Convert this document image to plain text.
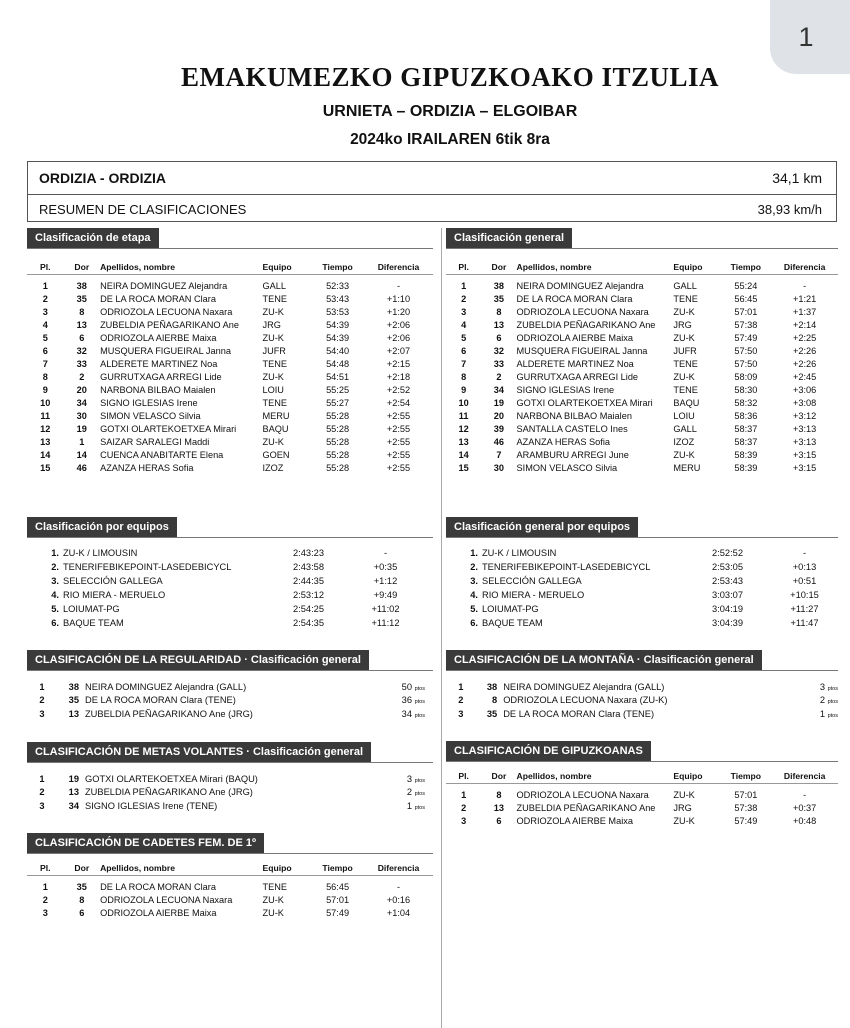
1
EMAKUMEZKO GIPUZKOAKO ITZULIA
URNIETA – ORDIZIA – ELGOIBAR
2024ko IRAILAREN 6tik 8ra
ORDIZIA - ORDIZIA	34,1 km
RESUMEN DE CLASIFICACIONES	38,93 km/h
Clasificación de etapa
Pl.	Dor	Apellidos, nombre	Equipo	Tiempo	Diferencia

1	38	NEIRA DOMINGUEZ Alejandra	GALL	52:33	-
2	35	DE LA ROCA MORAN Clara	TENE	53:43	+1:10
3	8	ODRIOZOLA LECUONA Naxara	ZU-K	53:53	+1:20
4	13	ZUBELDIA PEÑAGARIKANO Ane	JRG	54:39	+2:06
5	6	ODRIOZOLA AIERBE Maixa	ZU-K	54:39	+2:06
6	32	MUSQUERA FIGUEIRAL Janna	JUFR	54:40	+2:07
7	33	ALDERETE MARTINEZ Noa	TENE	54:48	+2:15
8	2	GURRUTXAGA ARREGI Lide	ZU-K	54:51	+2:18
9	20	NARBONA BILBAO Maialen	LOIU	55:25	+2:52
10	34	SIGNO IGLESIAS Irene	TENE	55:27	+2:54
11	30	SIMON VELASCO Silvia	MERU	55:28	+2:55
12	19	GOTXI OLARTEKOETXEA Mirari	BAQU	55:28	+2:55
13	1	SAIZAR SARALEGI Maddi	ZU-K	55:28	+2:55
14	14	CUENCA ANABITARTE Elena	GOEN	55:28	+2:55
15	46	AZANZA HERAS Sofia	IZOZ	55:28	+2:55
Clasificación general
Pl.	Dor	Apellidos, nombre	Equipo	Tiempo	Diferencia

1	38	NEIRA DOMINGUEZ Alejandra	GALL	55:24	-
2	35	DE LA ROCA MORAN Clara	TENE	56:45	+1:21
3	8	ODRIOZOLA LECUONA Naxara	ZU-K	57:01	+1:37
4	13	ZUBELDIA PEÑAGARIKANO Ane	JRG	57:38	+2:14
5	6	ODRIOZOLA AIERBE Maixa	ZU-K	57:49	+2:25
6	32	MUSQUERA FIGUEIRAL Janna	JUFR	57:50	+2:26
7	33	ALDERETE MARTINEZ Noa	TENE	57:50	+2:26
8	2	GURRUTXAGA ARREGI Lide	ZU-K	58:09	+2:45
9	34	SIGNO IGLESIAS Irene	TENE	58:30	+3:06
10	19	GOTXI OLARTEKOETXEA Mirari	BAQU	58:32	+3:08
11	20	NARBONA BILBAO Maialen	LOIU	58:36	+3:12
12	39	SANTALLA CASTELO Ines	GALL	58:37	+3:13
13	46	AZANZA HERAS Sofia	IZOZ	58:37	+3:13
14	7	ARAMBURU ARREGI June	ZU-K	58:39	+3:15
15	30	SIMON VELASCO Silvia	MERU	58:39	+3:15
Clasificación por equipos
1. ZU-K / LIMOUSIN	2:43:23	-
2. TENERIFEBIKEPOINT-LASEDEBICYCL	2:43:58	+0:35
3. SELECCIÓN GALLEGA	2:44:35	+1:12
4. RIO MIERA - MERUELO	2:53:12	+9:49
5. LOIUMAT-PG	2:54:25	+11:02
6. BAQUE TEAM	2:54:35	+11:12
Clasificación general por equipos
1. ZU-K / LIMOUSIN	2:52:52	-
2. TENERIFEBIKEPOINT-LASEDEBICYCL	2:53:05	+0:13
3. SELECCIÓN GALLEGA	2:53:43	+0:51
4. RIO MIERA - MERUELO	3:03:07	+10:15
5. LOIUMAT-PG	3:04:19	+11:27
6. BAQUE TEAM	3:04:39	+11:47
CLASIFICACIÓN DE LA REGULARIDAD · Clasificación general
1	38 NEIRA DOMINGUEZ Alejandra (GALL)	50 ptos
2	35 DE LA ROCA MORAN Clara (TENE)	36 ptos
3	13 ZUBELDIA PEÑAGARIKANO Ane (JRG)	34 ptos
CLASIFICACIÓN DE LA MONTAÑA · Clasificación general
1	38 NEIRA DOMINGUEZ Alejandra (GALL)	3 ptos
2	8 ODRIOZOLA LECUONA Naxara (ZU-K)	2 ptos
3	35 DE LA ROCA MORAN Clara (TENE)	1 ptos
CLASIFICACIÓN DE METAS VOLANTES · Clasificación general
1	19 GOTXI OLARTEKOETXEA Mirari (BAQU)	3 ptos
2	13 ZUBELDIA PEÑAGARIKANO Ane (JRG)	2 ptos
3	34 SIGNO IGLESIAS Irene (TENE)	1 ptos
CLASIFICACIÓN DE GIPUZKOANAS
Pl.	Dor	Apellidos, nombre	Equipo	Tiempo	Diferencia

1	8	ODRIOZOLA LECUONA Naxara	ZU-K	57:01	-
2	13	ZUBELDIA PEÑAGARIKANO Ane	JRG	57:38	+0:37
3	6	ODRIOZOLA AIERBE Maixa	ZU-K	57:49	+0:48
CLASIFICACIÓN DE CADETES FEM. DE 1º
Pl.	Dor	Apellidos, nombre	Equipo	Tiempo	Diferencia

1	35	DE LA ROCA MORAN Clara	TENE	56:45	-
2	8	ODRIOZOLA LECUONA Naxara	ZU-K	57:01	+0:16
3	6	ODRIOZOLA AIERBE Maixa	ZU-K	57:49	+1:04
